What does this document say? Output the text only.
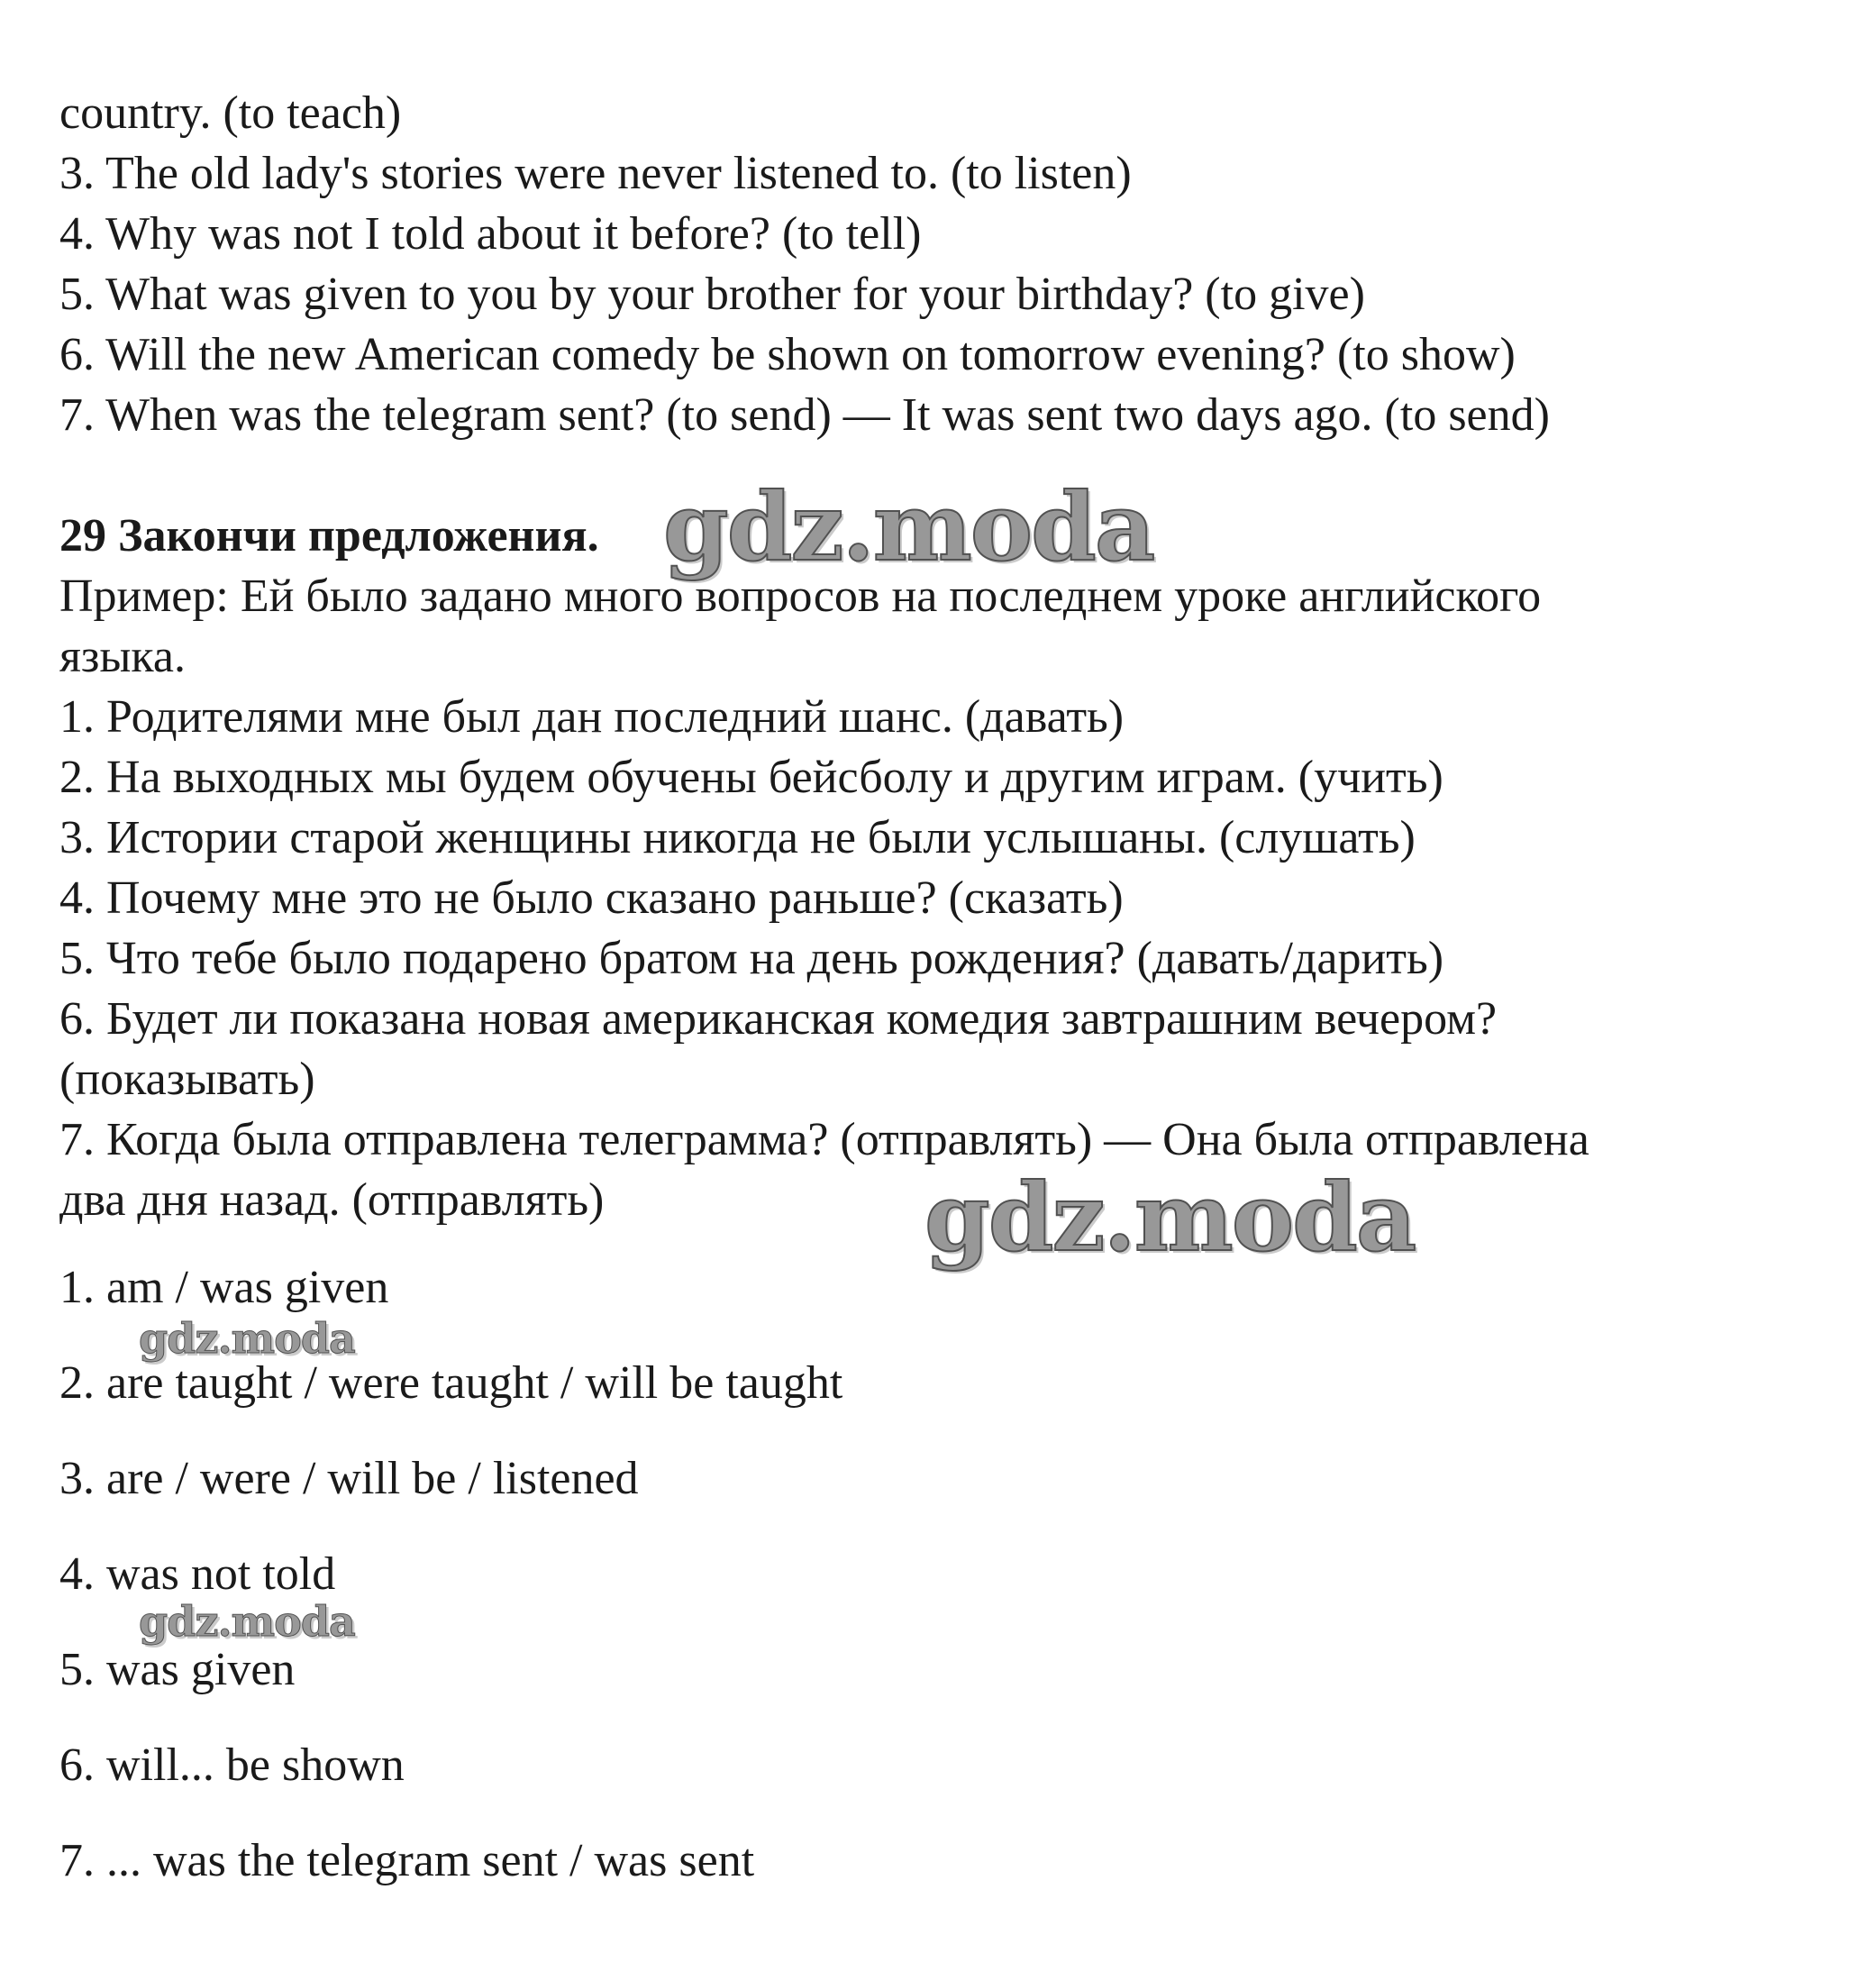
country. (to teach)
3. The old lady's stories were never listened to. (to listen)
4. Why was not I told about it before? (to tell)
5. What was given to you by your brother for your birthday? (to give)
6. Will the new American comedy be shown on tomorrow evening? (to show)
7. When was the telegram sent? (to send) — It was sent two days ago. (to send)
29 Закончи предложения.
Пример: Ей было задано много вопросов на последнем уроке английского
языка.
1. Родителями мне был дан последний шанс. (давать)
2. На выходных мы будем обучены бейсболу и другим играм. (учить)
3. Истории старой женщины никогда не были услышаны. (слушать)
4. Почему мне это не было сказано раньше? (сказать)
5. Что тебе было подарено братом на день рождения? (давать/дарить)
6. Будет ли показана новая американская комедия завтрашним вечером?
(показывать)
7. Когда была отправлена телеграмма? (отправлять) — Она была отправлена
два дня назад. (отправлять)
1. am / was given
2. are taught / were taught / will be taught
3. are / were / will be / listened
4. was not told
5. was given
6. will... be shown
7. ... was the telegram sent / was sent
gdz.moda
gdz.moda
gdz.moda
gdz.moda
